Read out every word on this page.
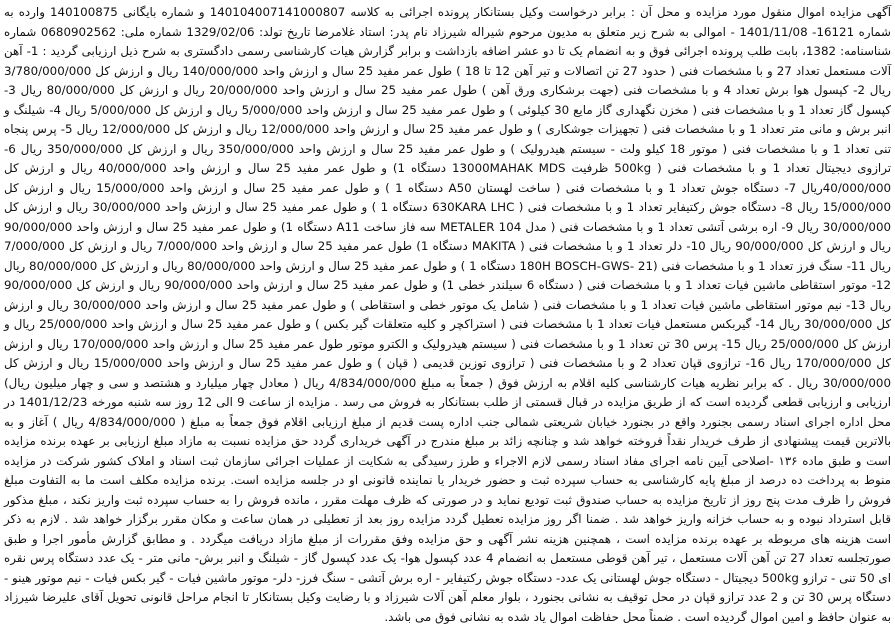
آگهی مزایده اموال منقول مورد مزایده و محل آن : برابر درخواست وکیل بستانکار پرونده اجرائی به کلاسه 140104007141000807 و شماره بایگانی 140100875 وارده به شماره 16121- 1401/11/08 - اموالی به شرح زیر متعلق به مدیون مرحوم شیراله شیرزاد نام پدر: استاد غلامرضا تاریخ تولد: 1329/02/06 شماره ملی: 0680902562 شماره شناسنامه: 1382، بابت طلب پرونده اجرائی فوق و به انضمام یک تا دو عشر اضافه بازداشت و برابر گزارش هیات کارشناسی رسمی دادگستری به شرح ذیل ارزیابی گردید : 1- آهن آلات مستعمل تعداد 27 و با مشخصات فنی ( حدود 27 تن اتصالات و تیر آهن 12 تا 18 ) طول عمر مفید 25 سال و ارزش واحد 140/000/000 ریال و ارزش کل 3/780/000/000 ریال 2- کپسول هوا برش تعداد 4 و با مشخصات فنی (جهت برشکاری ورق آهن ) طول عمر مفید 25 سال و ارزش واحد 20/000/000 ریال و ارزش کل 80/000/000 ریال 3- کپسول گاز تعداد 1 و با مشخصات فنی ( مخزن نگهداری گاز مایع 30 کیلوئی ) و طول عمر مفید 25 سال و ارزش واحد 5/000/000 ریال و ارزش کل 5/000/000 ریال 4- شیلنگ و انبر برش و مانی متر تعداد 1 و با مشخصات فنی ( تجهیزات جوشکاری ) و طول عمر مفید 25 سال و ارزش واحد 12/000/000 ریال و ارزش کل 12/000/000 ریال 5- پرس پنجاه تنی تعداد 1 و با مشخصات فنی ( موتور 18 کیلو ولت - سیستم هیدرولیک ) و طول عمر مفید 25 سال و ارزش واحد 350/000/000 ریال و ارزش کل 350/000/000 ریال 6- ترازوی دیجیتال تعداد 1 و با مشخصات فنی ( 500kg ظرفیت 13000MAHAK MDS دستگاه 1) و طول عمر مفید 25 سال و ارزش واحد 40/000/000 ریال و ارزش کل 40/000/000ریال 7- دستگاه جوش تعداد 1 و با مشخصات فنی ( ساخت لهستان A50 دستگاه 1 ) و طول عمر مفید 25 سال و ارزش واحد 15/000/000 ریال و ارزش کل 15/000/000 ریال 8- دستگاه جوش رکتیفایر تعداد 1 و با مشخصات فنی ( 630KARA LHC دستگاه 1 ) و طول عمر مفید 25 سال و ارزش واحد 30/000/000 ریال و ارزش کل 30/000/000 ریال 9- اره برشی آتشی تعداد 1 و با مشخصات فنی ( مدل 104 METALER سه فاز ساخت A11 دستگاه 1) و طول عمر مفید 25 سال و ارزش واحد 90/000/000 ریال و ارزش کل 90/000/000 ریال 10- دلر تعداد 1 و با مشخصات فنی ( MAKITA دستگاه 1) طول عمر مفید 25 سال و ارزش واحد 7/000/000 ریال و ارزش کل 7/000/000 ریال 11- سنگ فرز تعداد 1 و با مشخصات فنی (21 -180H BOSCH-GWS دستگاه 1 ) و طول عمر مفید 25 سال و ارزش واحد 80/000/000 ریال و ارزش کل 80/000/000 ریال 12- موتور استقاطی ماشین فیات تعداد 1 و با مشخصات فنی ( دستگاه 6 سیلندر خطی 1) و طول عمر مفید 25 سال و ارزش واحد 90/000/000 ریال و ارزش کل 90/000/000 ریال 13- نیم موتور استقاطی ماشین فیات تعداد 1 و با مشخصات فنی ( شامل یک موتور خطی و استقاطی ) و طول عمر مفید 25 سال و ارزش واحد 30/000/000 ریال و ارزش کل 30/000/000 ریال 14- گیربکس مستعمل فیات تعداد 1 با مشخصات فنی ( استراکچر و کلیه متعلقات گیر بکس ) و طول عمر مفید 25 سال و ارزش واحد 25/000/000 ریال و ارزش کل 25/000/000 ریال 15- پرس 30 تن تعداد 1 و با مشخصات فنی ( سیستم هیدرولیک و الکترو موتور طول عمر مفید 25 سال و ارزش واحد 170/000/000 ریال و ارزش کل 170/000/000 ریال 16- ترازوی قپان تعداد 2 و با مشخصات فنی ( ترازوی توزین قدیمی ( قپان ) و طول عمر مفید 25 سال و ارزش واحد 15/000/000 ریال و ارزش کل 30/000/000 ریال . که برابر نظریه هیات کارشناسی کلیه اقلام به ارزش فوق ( جمعاً به مبلغ 4/834/000/000 ریال ( معادل چهار میلیارد و هشتصد و سی و چهار میلیون ریال) ارزیابی و ارزیابی قطعی گردیده است که از طریق مزایده در قبال قسمتی از طلب بستانکار به فروش می رسد . مزایده از ساعت 9 الی 12 روز سه شنبه مورخه 1401/12/23 در محل اداره اجرای اسناد رسمی بجنورد واقع در بجنورد خیابان شریعتی شمالی جنب اداره پست قدیم از مبلغ ارزیابی اقلام فوق جمعاً به مبلغ ( 4/834/000/000 ریال ) آغاز و به بالاترین قیمت پیشنهادی از طرف خریدار نقداً فروخته خواهد شد و چنانچه زائد بر مبلغ مندرج در آگهی خریداری گردد حق مزایده نسبت به مازاد مبلغ ارزیابی بر عهده برنده مزایده است و طبق ماده ۱۳۶ -اصلاحی آیین نامه اجرای مفاد اسناد رسمی لازم الاجراء و طرز رسیدگی به شکایت از عملیات اجرائی سازمان ثبت اسناد و املاک کشور شرکت در مزایده منوط به پرداخت ده درصد از مبلغ پایه کارشناسی به حساب سپرده ثبت و حضور خریدار یا نماینده قانونی او در جلسه مزایده است. برنده مزایده مکلف است ما به التفاوت مبلغ فروش را ظرف مدت پنج روز از تاریخ مزایده به حساب صندوق ثبت تودیع نماید و در صورتی که ظرف مهلت مقرر ، مانده فروش را به حساب سپرده ثبت واریز نکند ، مبلغ مذکور قابل استرداد نبوده و به حساب خزانه واریز خواهد شد . ضمنا اگر روز مزایده تعطیل گردد مزایده روز بعد از تعطیلی در همان ساعت و مکان مقرر برگزار خواهد شد . لازم به ذکر است هزینه های مربوطه بر عهده برنده مزایده است ، همچنین هزینه نشر آگهی و حق مزایده وفق مقررات از مبلغ مازاد دریافت میگردد . و مطابق گزارش مأمور اجرا و طبق صورتجلسه تعداد 27 تن آهن آلات مستعمل ، تیر آهن قوطی مستعمل به انضمام 4 عدد کپسول هوا- یک عدد کپسول گاز - شیلنگ و انبر برش- مانی متر - یک عدد دستگاه پرس نقره ای 50 تنی - ترازو 500kg دیجیتال - دستگاه جوش لهستانی یک عدد- دستگاه جوش رکتیفایر - اره برش آتشی - سنگ فرز- دلر- موتور ماشین فیات - گیر بکس فیات - نیم موتور هینو - دستگاه پرس 30 تن و 2 عدد ترازو قپان در محل توقیف به نشانی بجنورد ، بلوار معلم آهن آلات شیرزاد و با رضایت وکیل بستانکار تا انجام مراحل قانونی تحویل آقای علیرضا شیرزاد به عنوان حافظ و امین اموال گردیده است . ضمناً محل حفاظت اموال یاد شده به نشانی فوق می باشد.
